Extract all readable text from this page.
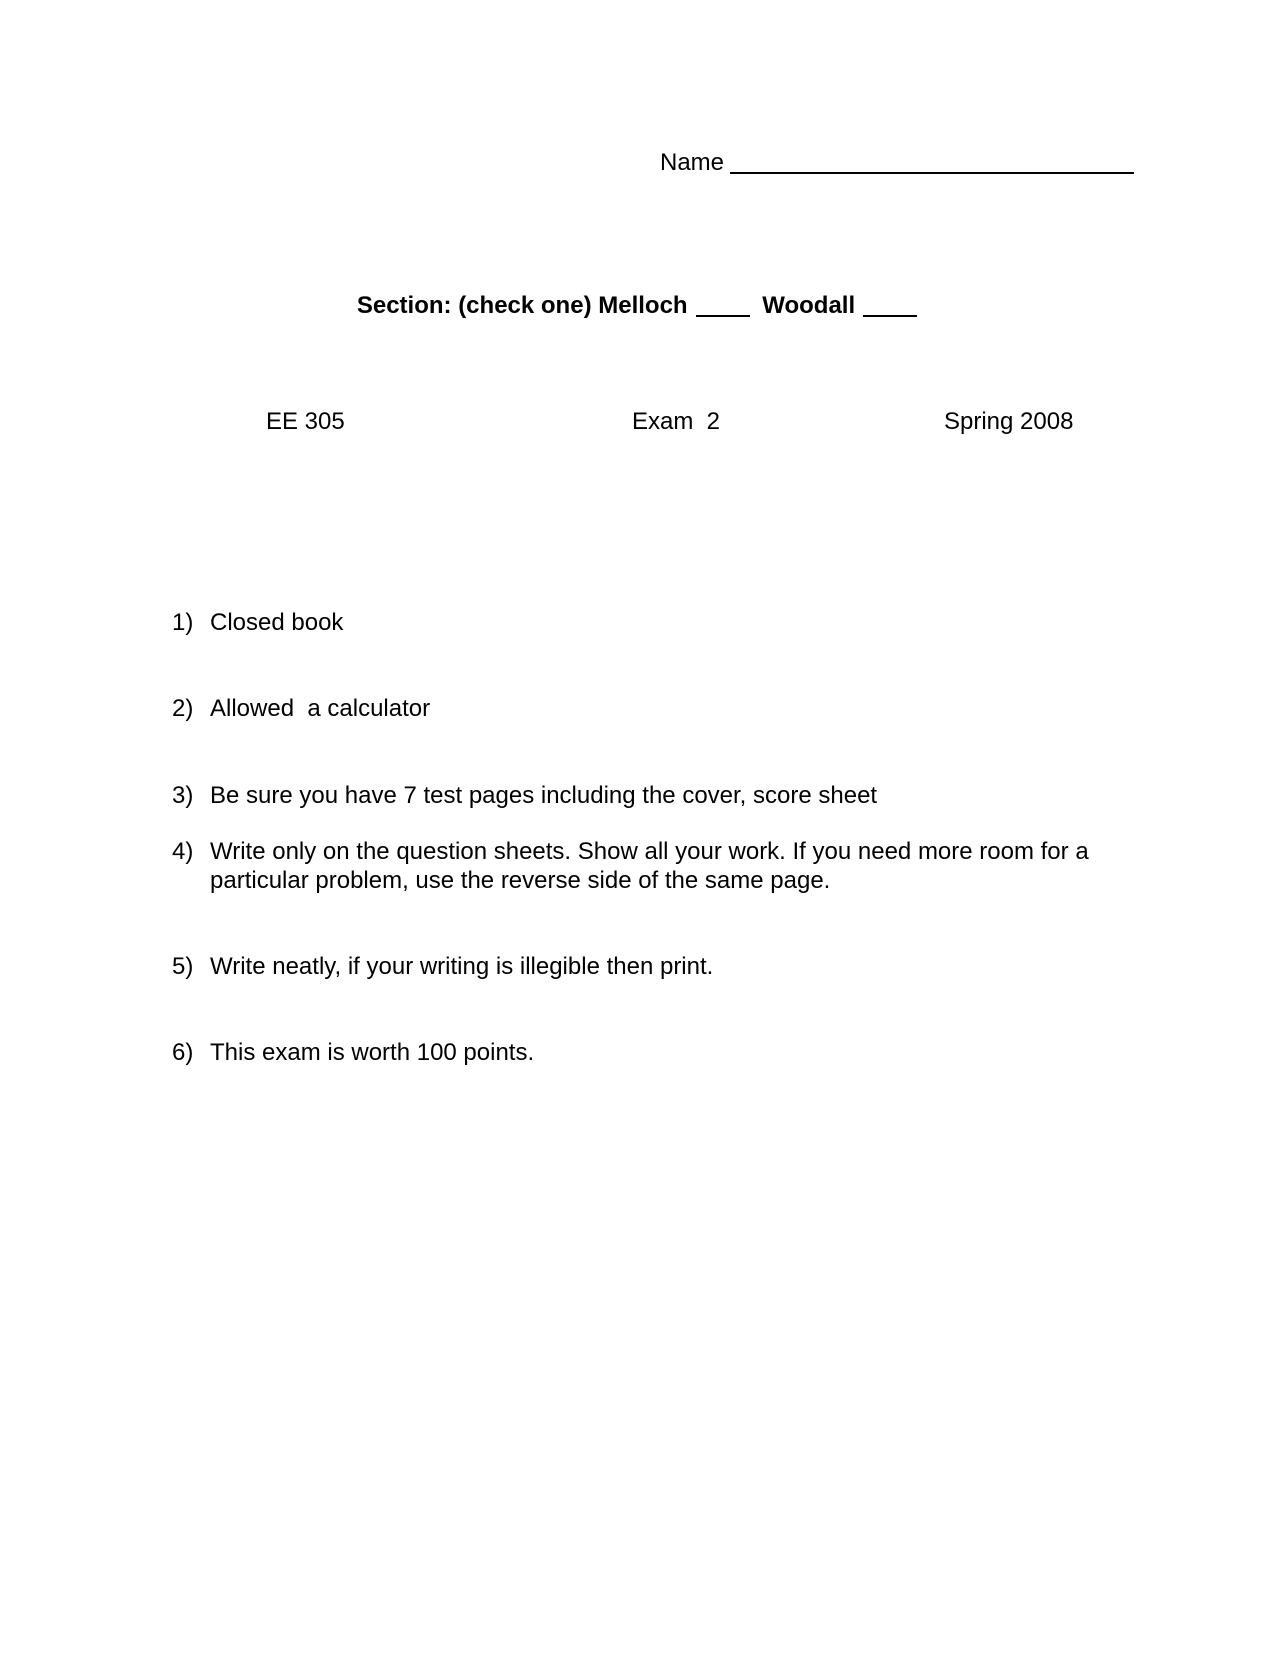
Name
Section: (check one) Melloch	Woodall
EE 305	Exam  2	Spring 2008
1) Closed book
2) Allowed  a calculator
3) Be sure you have 7 test pages including the cover, score sheet
4) Write only on the question sheets. Show all your work. If you need more room for a particular problem, use the reverse side of the same page.
5) Write neatly, if your writing is illegible then print.
6) This exam is worth 100 points.
